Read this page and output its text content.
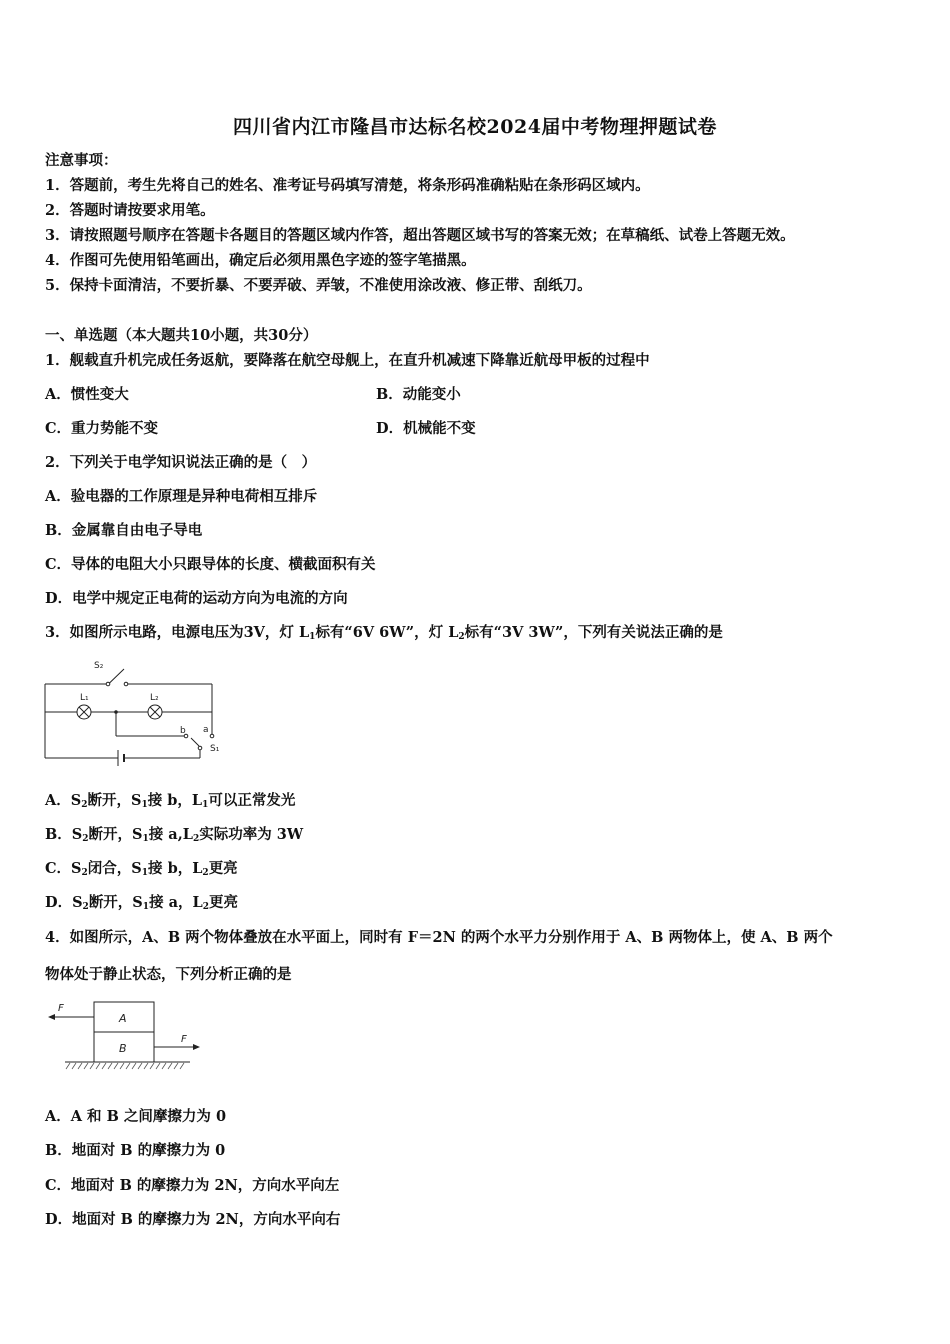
四川省内江市隆昌市达标名校2024届中考物理押题试卷
注意事项：
1．答题前，考生先将自己的姓名、准考证号码填写清楚，将条形码准确粘贴在条形码区域内。
2．答题时请按要求用笔。
3．请按照题号顺序在答题卡各题目的答题区域内作答，超出答题区域书写的答案无效；在草稿纸、试卷上答题无效。
4．作图可先使用铅笔画出，确定后必须用黑色字迹的签字笔描黑。
5．保持卡面清洁，不要折暴、不要弄破、弄皱，不准使用涂改液、修正带、刮纸刀。
一、单选题（本大题共10小题，共30分）
1．舰载直升机完成任务返航，要降落在航空母舰上，在直升机减速下降靠近航母甲板的过程中
A．惯性变大	B．动能变小
C．重力势能不变	D．机械能不变
2．下列关于电学知识说法正确的是（　）
A．验电器的工作原理是异种电荷相互排斥
B．金属靠自由电子导电
C．导体的电阻大小只跟导体的长度、横截面积有关
D．电学中规定正电荷的运动方向为电流的方向
3．如图所示电路，电源电压为3V，灯 $L_1$标有“6V 6W”，灯 $L_2$标有“3V 3W”，下列有关说法正确的是
S₂
L₁	L₂
b a
S₁
A．$S_2$断开，$S_1$接 b，$L_1$可以正常发光
B．$S_2$断开，$S_1$接 $a,L_2$实际功率为 3W
C．$S_2$闭合，$S_1$接 b，$L_2$更亮
D．$S_2$断开，$S_1$接 a，$L_2$更亮
4．如图所示，A、B 两个物体叠放在水平面上，同时有 F＝2N 的两个水平力分别作用于 A、B 两物体上，使 A、B 两个
物体处于静止状态，下列分析正确的是
F
A
B
F
A．A 和 B 之间摩擦力为 0
B．地面对 B 的摩擦力为 0
C．地面对 B 的摩擦力为 2N，方向水平向左
D．地面对 B 的摩擦力为 2N，方向水平向右
